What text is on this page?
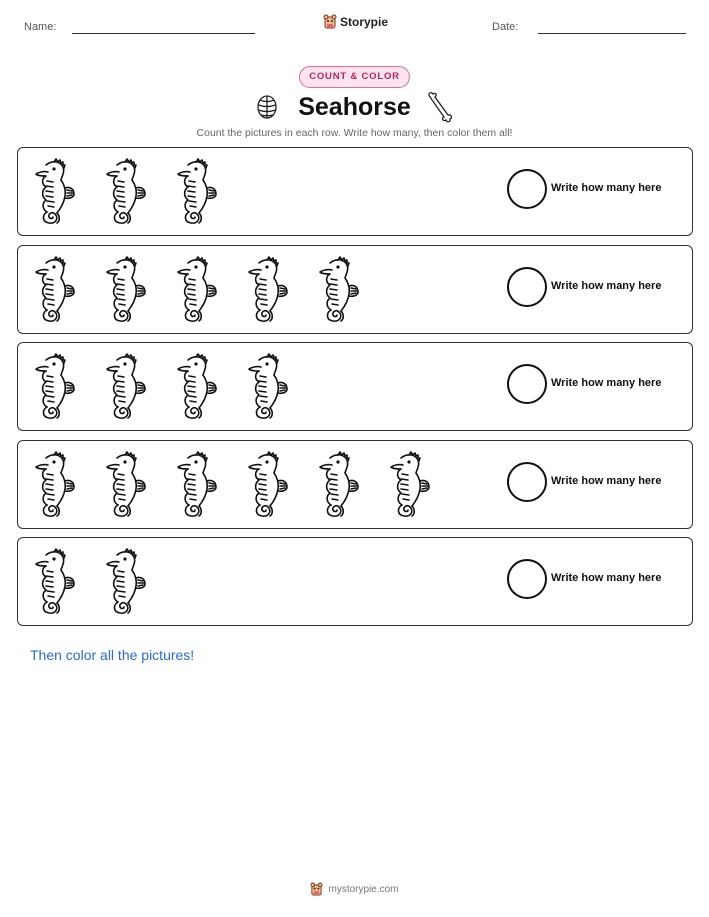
Name:	Storypie	Date:
COUNT & COLOR
Seahorse
Count the pictures in each row. Write how many, then color them all!
Write how many here
Write how many here
Write how many here
Write how many here
Write how many here
Then color all the pictures!
mystorypie.com
